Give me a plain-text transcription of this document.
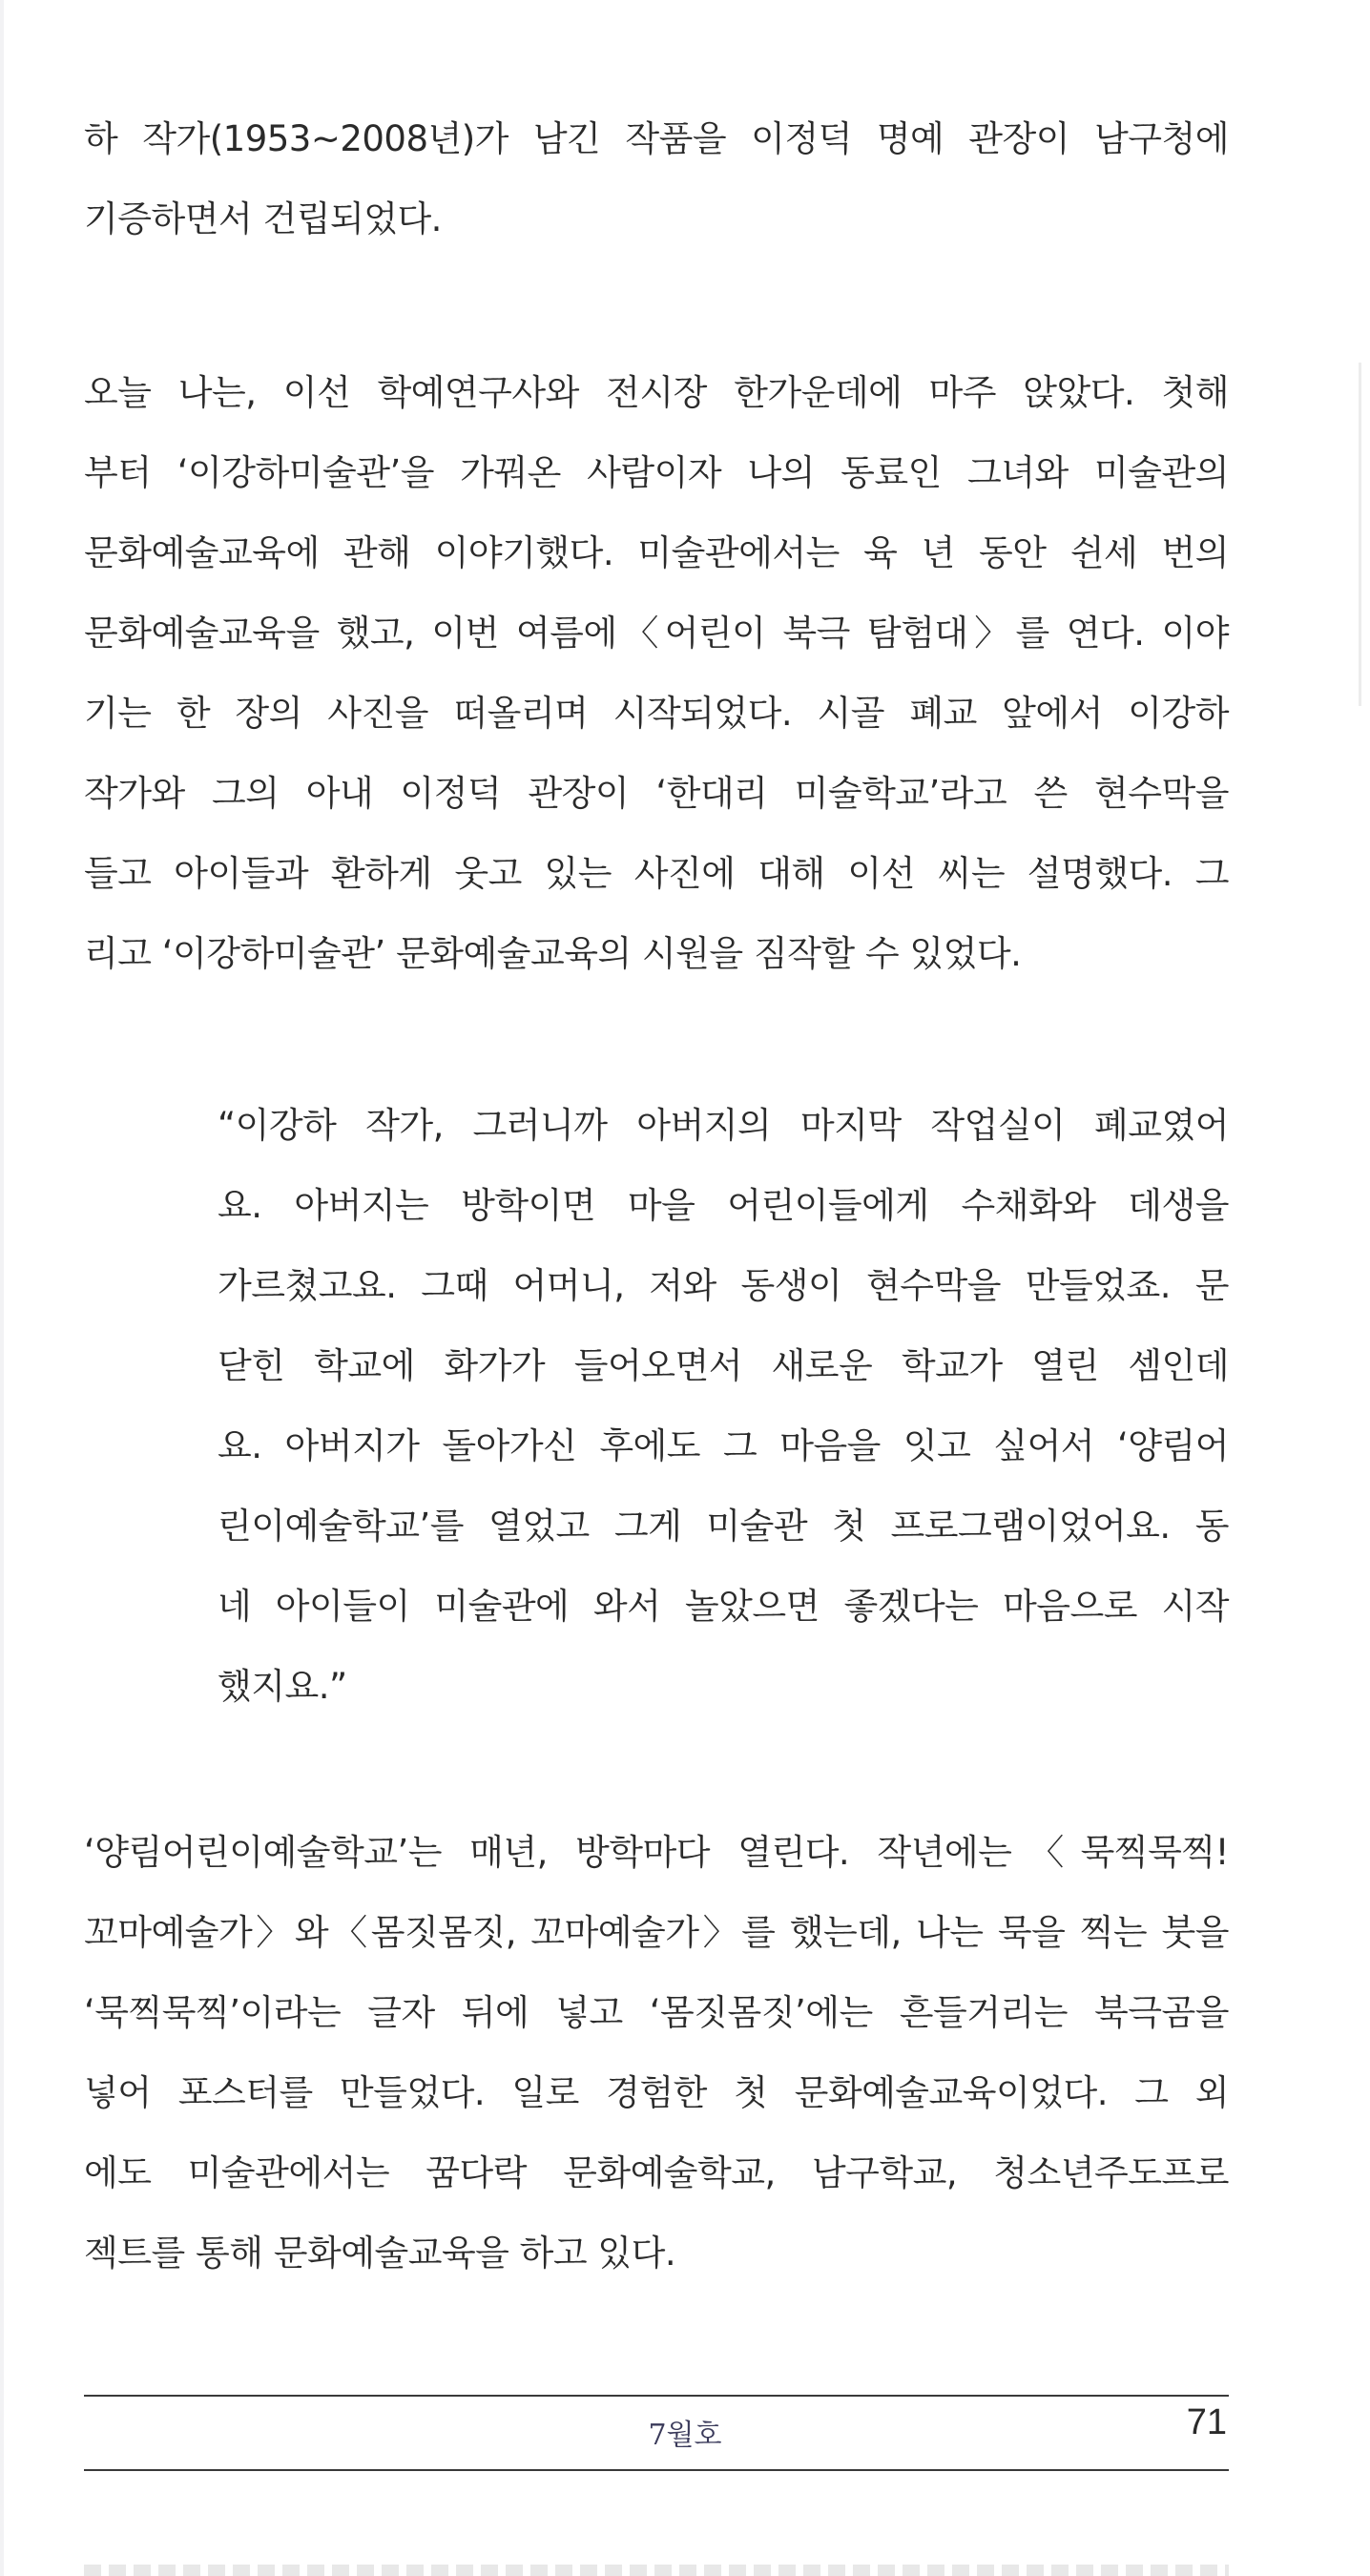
하 작가(1953~2008년)가 남긴 작품을 이정덕 명예 관장이 남구청에
기증하면서 건립되었다.
오늘 나는, 이선 학예연구사와 전시장 한가운데에 마주 앉았다. 첫해
부터 ‘이강하미술관’을 가꿔온 사람이자 나의 동료인 그녀와 미술관의
문화예술교육에 관해 이야기했다. 미술관에서는 육 년 동안 쉰세 번의
문화예술교육을 했고, 이번 여름에〈어린이 북극 탐험대〉를 연다. 이야
기는 한 장의 사진을 떠올리며 시작되었다. 시골 폐교 앞에서 이강하
작가와 그의 아내 이정덕 관장이 ‘한대리 미술학교’라고 쓴 현수막을
들고 아이들과 환하게 웃고 있는 사진에 대해 이선 씨는 설명했다. 그
리고 ‘이강하미술관’ 문화예술교육의 시원을 짐작할 수 있었다.
“이강하 작가, 그러니까 아버지의 마지막 작업실이 폐교였어
요. 아버지는 방학이면 마을 어린이들에게 수채화와 데생을
가르쳤고요. 그때 어머니, 저와 동생이 현수막을 만들었죠. 문
닫힌 학교에 화가가 들어오면서 새로운 학교가 열린 셈인데
요. 아버지가 돌아가신 후에도 그 마음을 잇고 싶어서 ‘양림어
린이예술학교’를 열었고 그게 미술관 첫 프로그램이었어요. 동
네 아이들이 미술관에 와서 놀았으면 좋겠다는 마음으로 시작
했지요.”
‘양림어린이예술학교’는 매년, 방학마다 열린다. 작년에는〈묵찍묵찍!
꼬마예술가〉와〈몸짓몸짓, 꼬마예술가〉를 했는데, 나는 묵을 찍는 붓을
‘묵찍묵찍’이라는 글자 뒤에 넣고 ‘몸짓몸짓’에는 흔들거리는 북극곰을
넣어 포스터를 만들었다. 일로 경험한 첫 문화예술교육이었다. 그 외
에도 미술관에서는 꿈다락 문화예술학교, 남구학교, 청소년주도프로
젝트를 통해 문화예술교육을 하고 있다.
7월호	71
